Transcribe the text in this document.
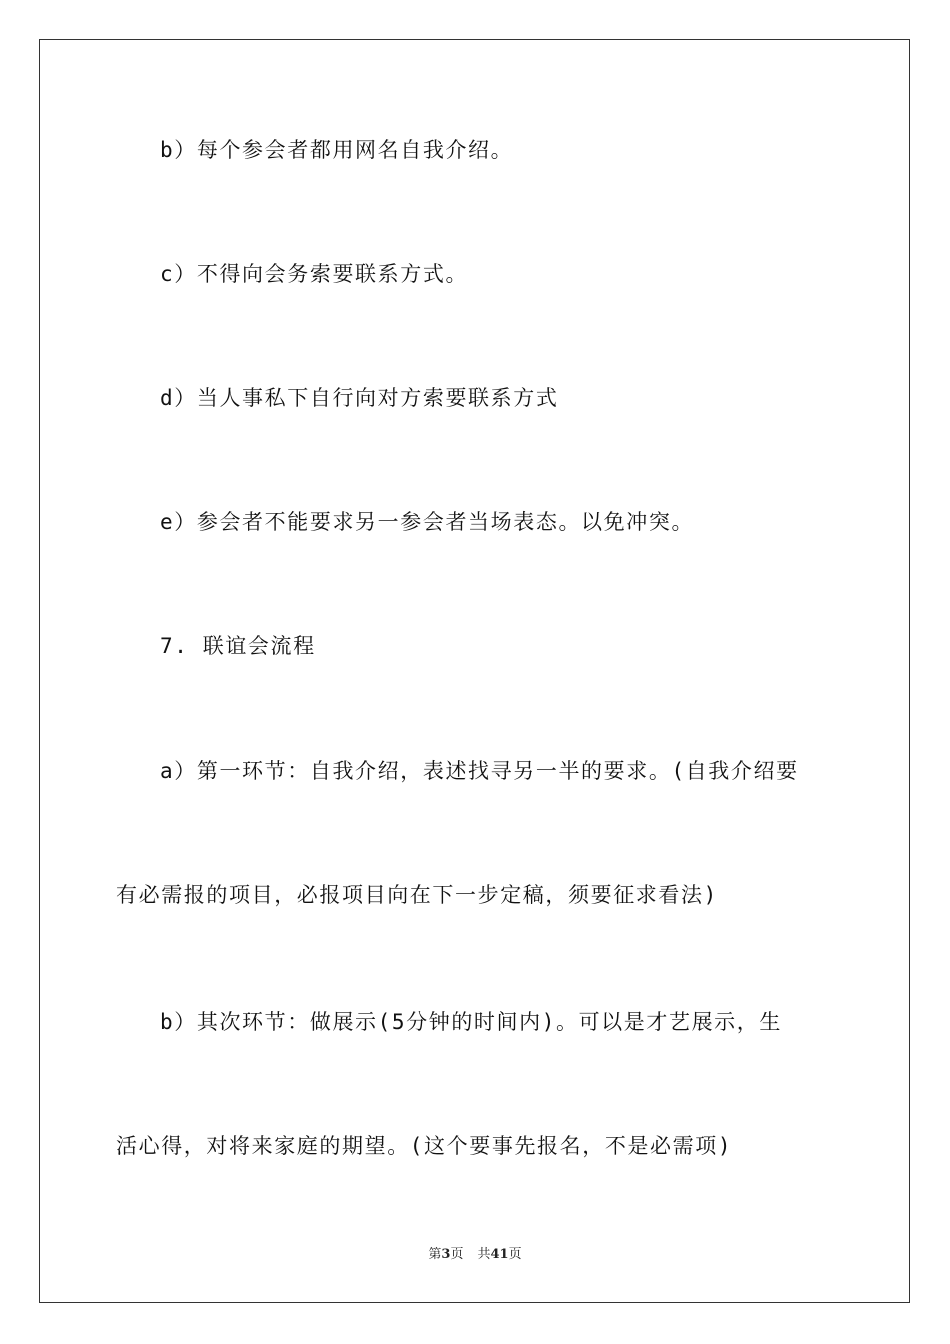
b）每个参会者都用网名自我介绍。
c）不得向会务索要联系方式。
d）当人事私下自行向对方索要联系方式
e）参会者不能要求另一参会者当场表态。以免冲突。
7. 联谊会流程
a）第一环节：自我介绍，表述找寻另一半的要求。(自我介绍要
有必需报的项目，必报项目向在下一步定稿，须要征求看法)
b）其次环节：做展示(5分钟的时间内)。可以是才艺展示，生
活心得，对将来家庭的期望。(这个要事先报名，不是必需项)
第3页 共41页
